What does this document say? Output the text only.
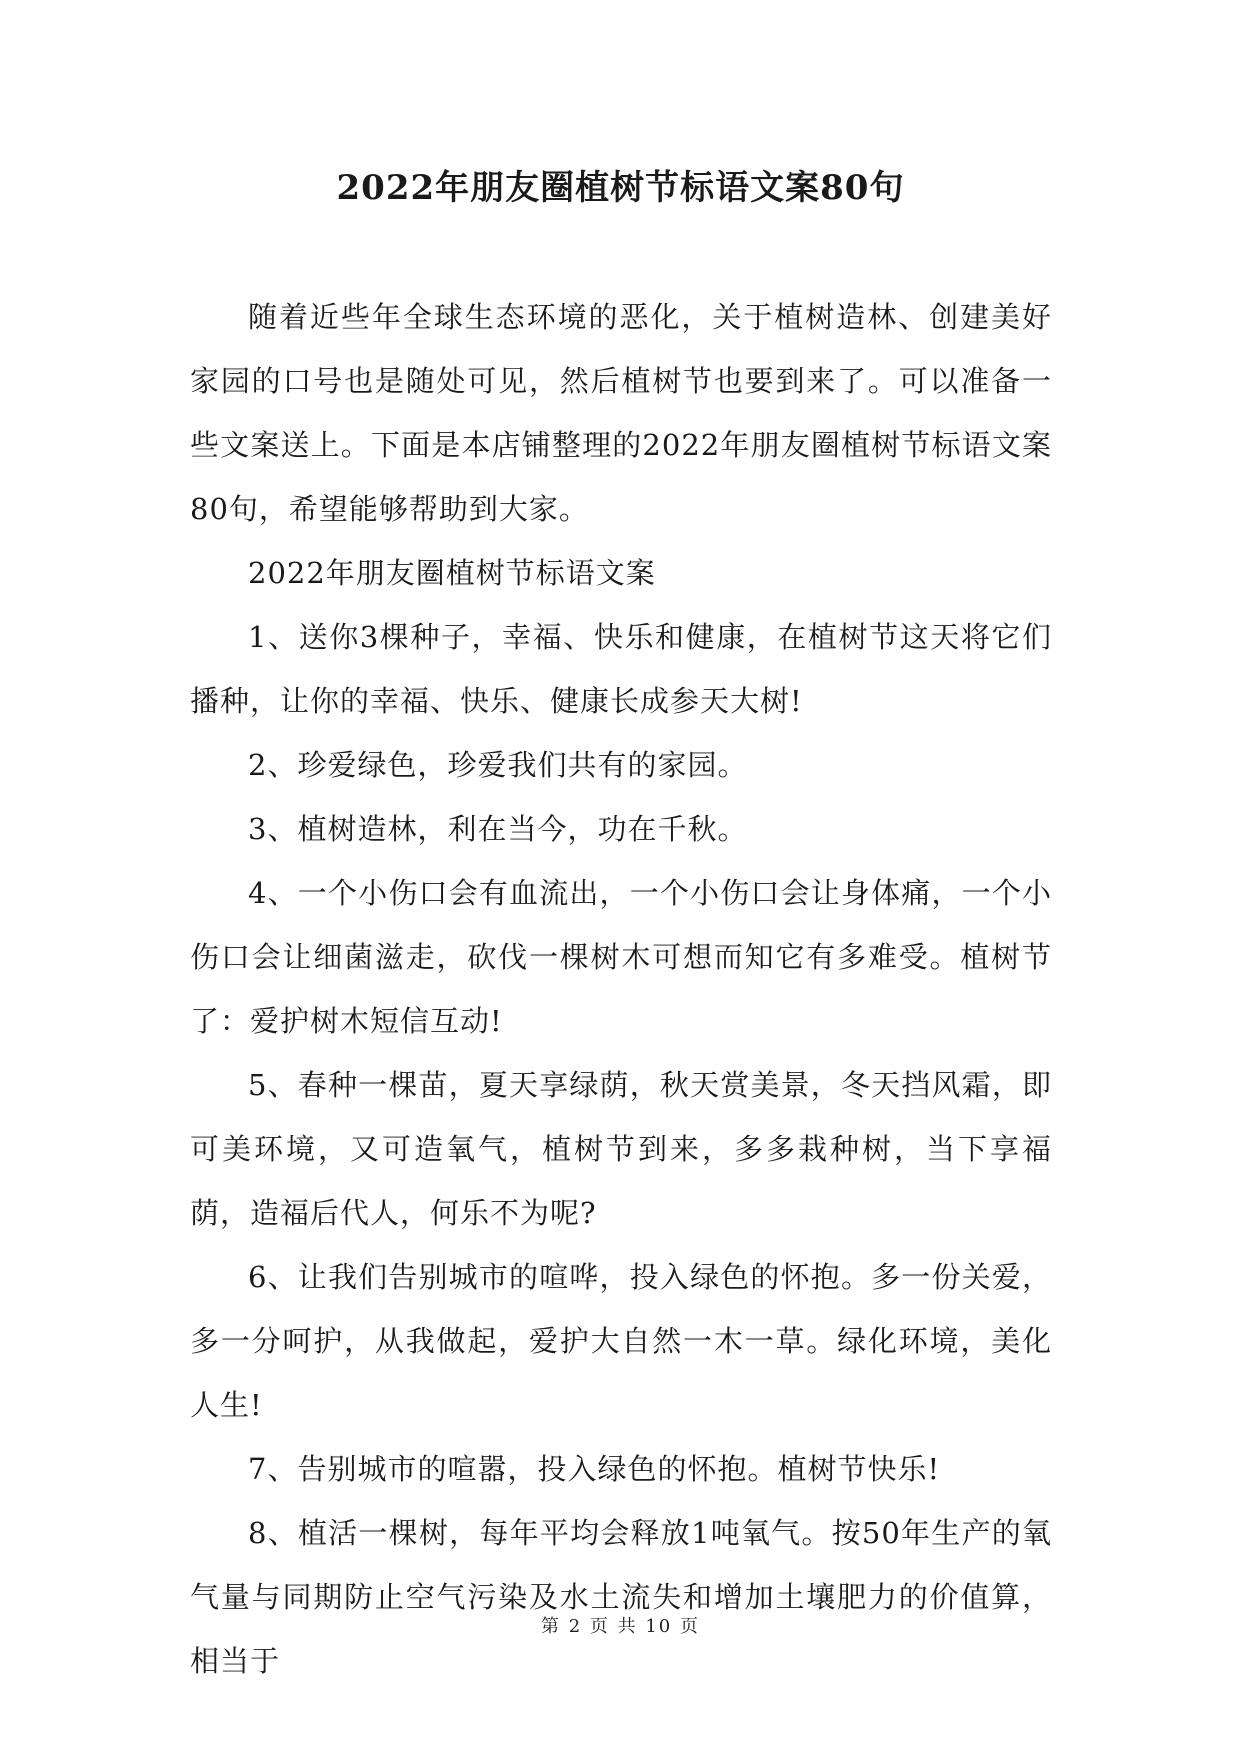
2022年朋友圈植树节标语文案80句

随着近些年全球生态环境的恶化，关于植树造林、创建美好家园的口号也是随处可见，然后植树节也要到来了。可以准备一些文案送上。下面是本店铺整理的2022年朋友圈植树节标语文案80句，希望能够帮助到大家。

2022年朋友圈植树节标语文案

1、送你3棵种子，幸福、快乐和健康，在植树节这天将它们播种，让你的幸福、快乐、健康长成参天大树!

2、珍爱绿色，珍爱我们共有的家园。

3、植树造林，利在当今，功在千秋。

4、一个小伤口会有血流出，一个小伤口会让身体痛，一个小伤口会让细菌滋走，砍伐一棵树木可想而知它有多难受。植树节了：爱护树木短信互动!

5、春种一棵苗，夏天享绿荫，秋天赏美景，冬天挡风霜，即可美环境，又可造氧气，植树节到来，多多栽种树，当下享福荫，造福后代人，何乐不为呢?

6、让我们告别城市的喧哗，投入绿色的怀抱。多一份关爱，多一分呵护，从我做起，爱护大自然一木一草。绿化环境，美化人生!

7、告别城市的喧嚣，投入绿色的怀抱。植树节快乐!

8、植活一棵树，每年平均会释放1吨氧气。按50年生产的氧气量与同期防止空气污染及水土流失和增加土壤肥力的价值算，相当于

第 2 页 共 10 页
